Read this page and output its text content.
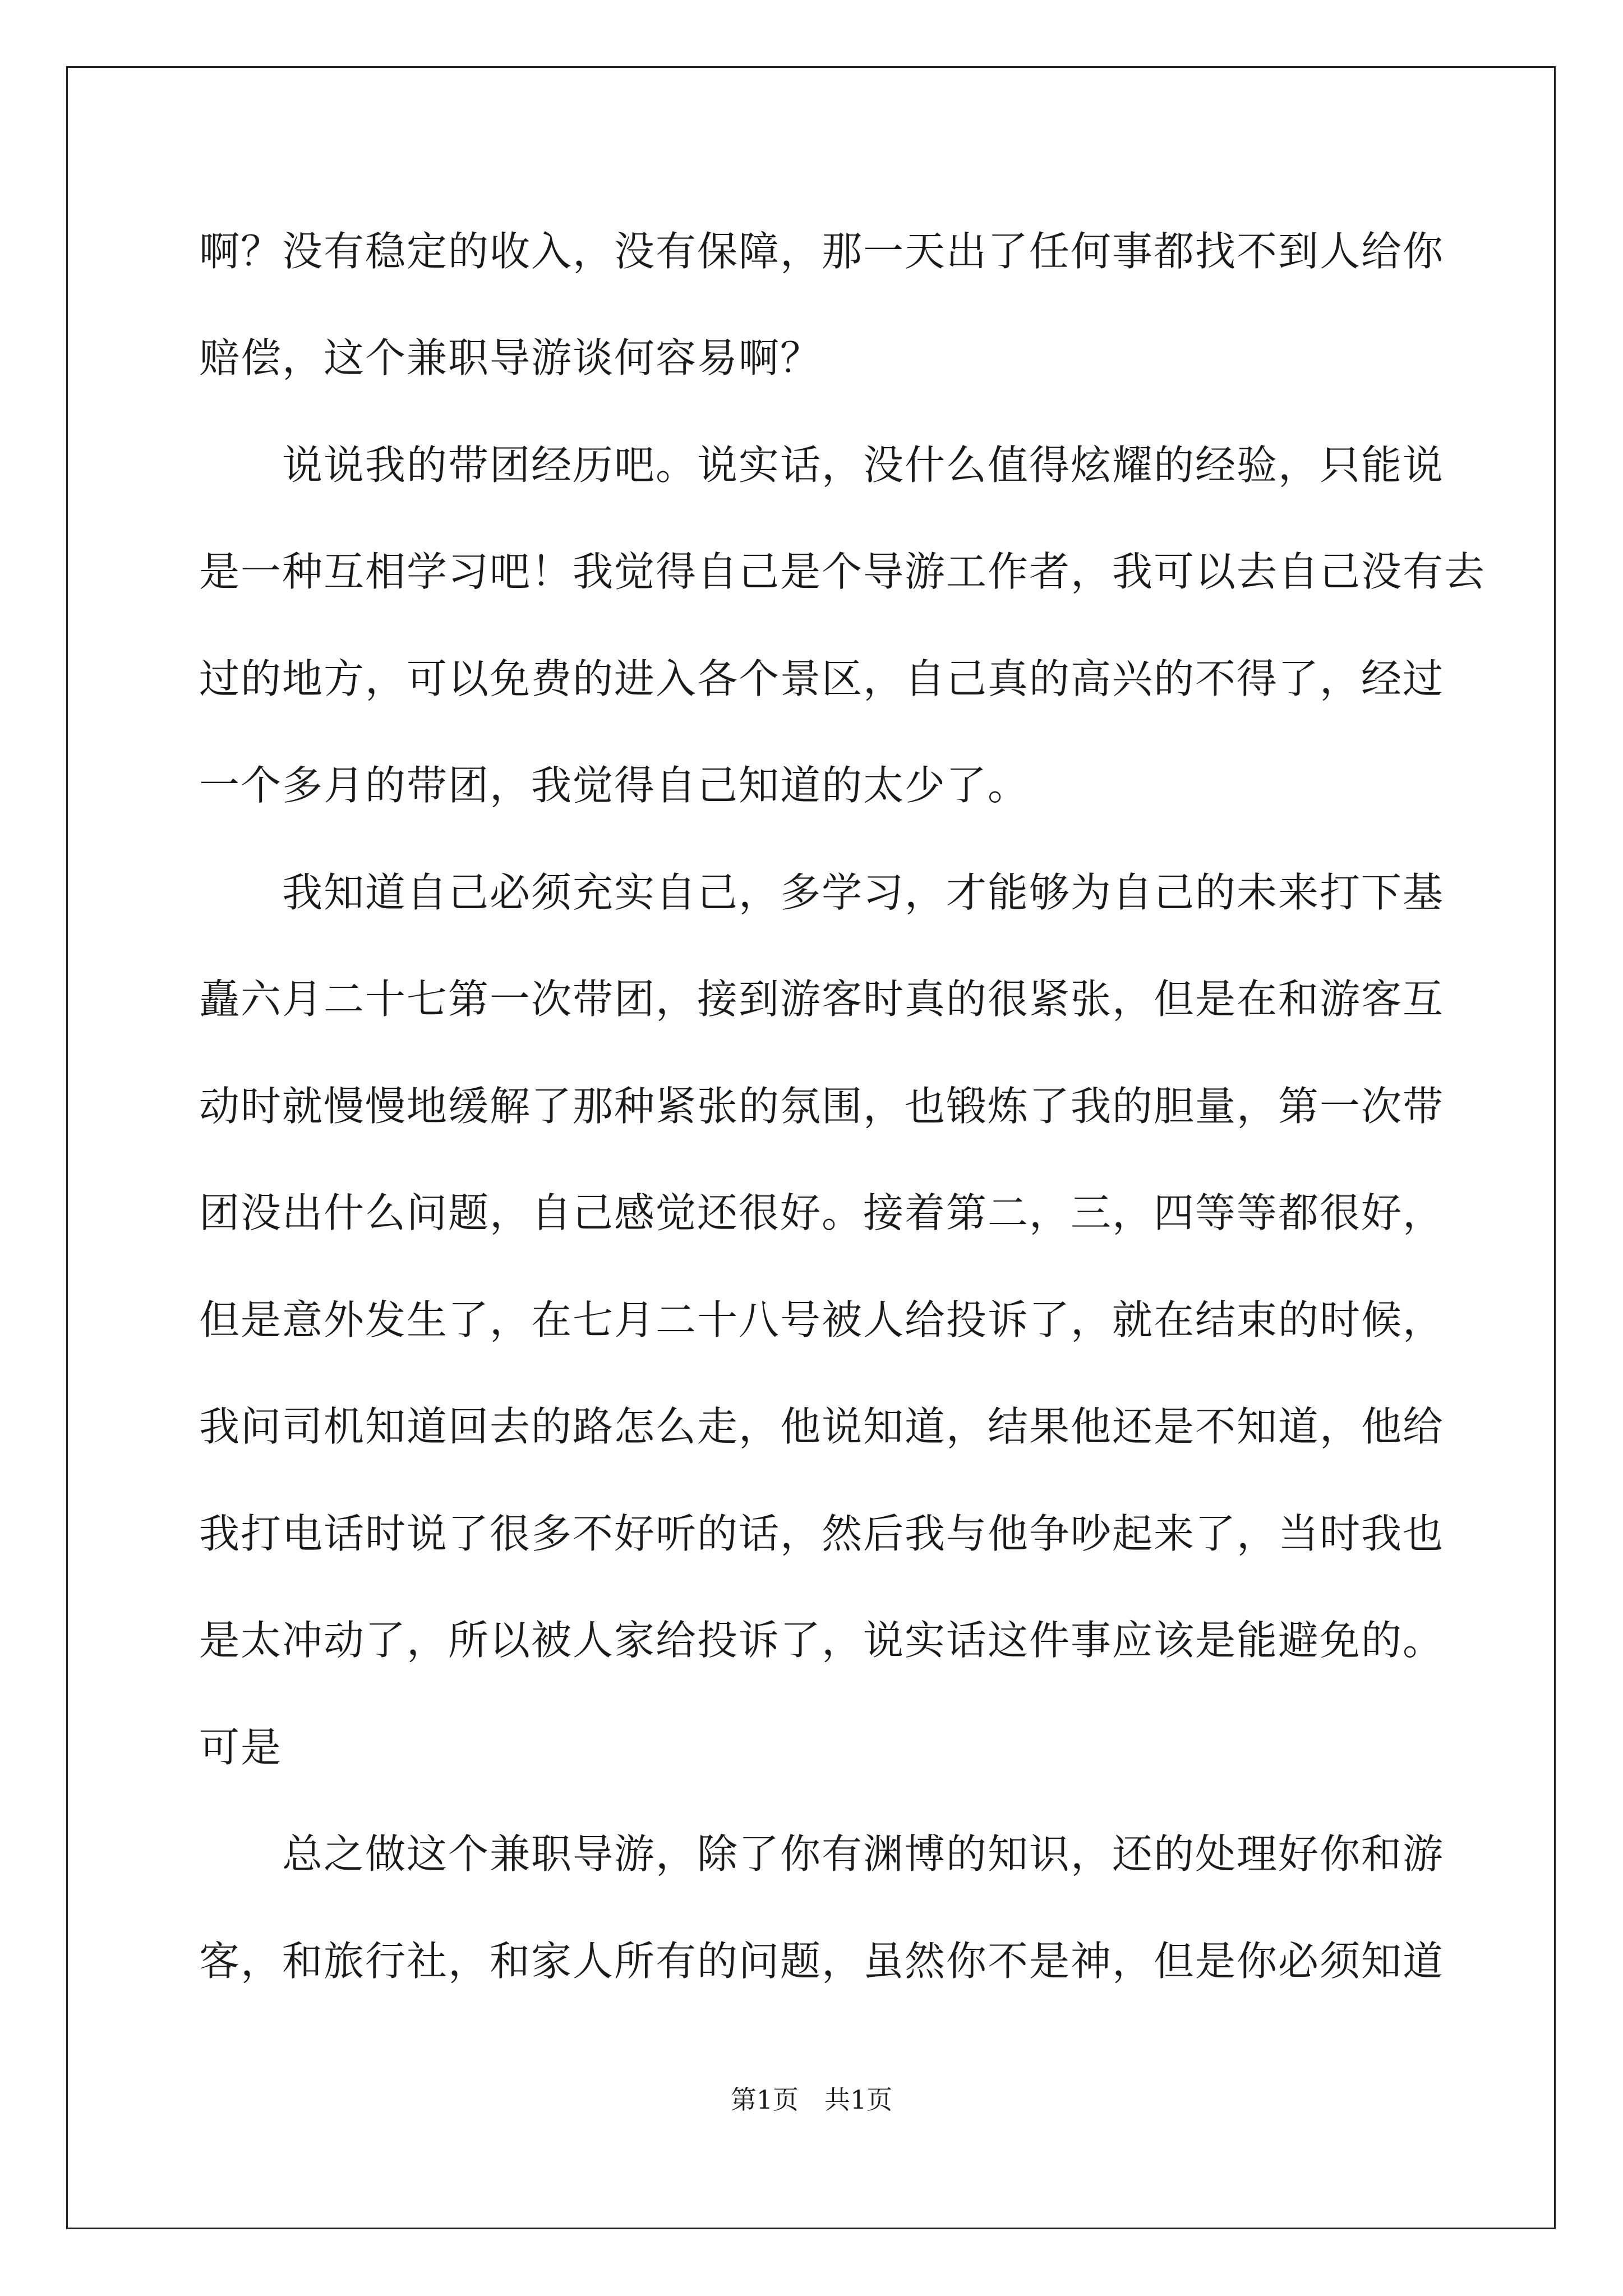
啊？没有稳定的收入，没有保障，那一天出了任何事都找不到人给你
赔偿，这个兼职导游谈何容易啊？
　　说说我的带团经历吧。说实话，没什么值得炫耀的经验，只能说
是一种互相学习吧！我觉得自己是个导游工作者，我可以去自己没有去
过的地方，可以免费的进入各个景区，自己真的高兴的不得了，经过
一个多月的带团，我觉得自己知道的太少了。
　　我知道自己必须充实自己，多学习，才能够为自己的未来打下基
矗六月二十七第一次带团，接到游客时真的很紧张，但是在和游客互
动时就慢慢地缓解了那种紧张的氛围，也锻炼了我的胆量，第一次带
团没出什么问题，自己感觉还很好。接着第二，三，四等等都很好，
但是意外发生了，在七月二十八号被人给投诉了，就在结束的时候，
我问司机知道回去的路怎么走，他说知道，结果他还是不知道，他给
我打电话时说了很多不好听的话，然后我与他争吵起来了，当时我也
是太冲动了，所以被人家给投诉了，说实话这件事应该是能避免的。
可是
　　总之做这个兼职导游，除了你有渊博的知识，还的处理好你和游
客，和旅行社，和家人所有的问题，虽然你不是神，但是你必须知道
第1页　共1页
